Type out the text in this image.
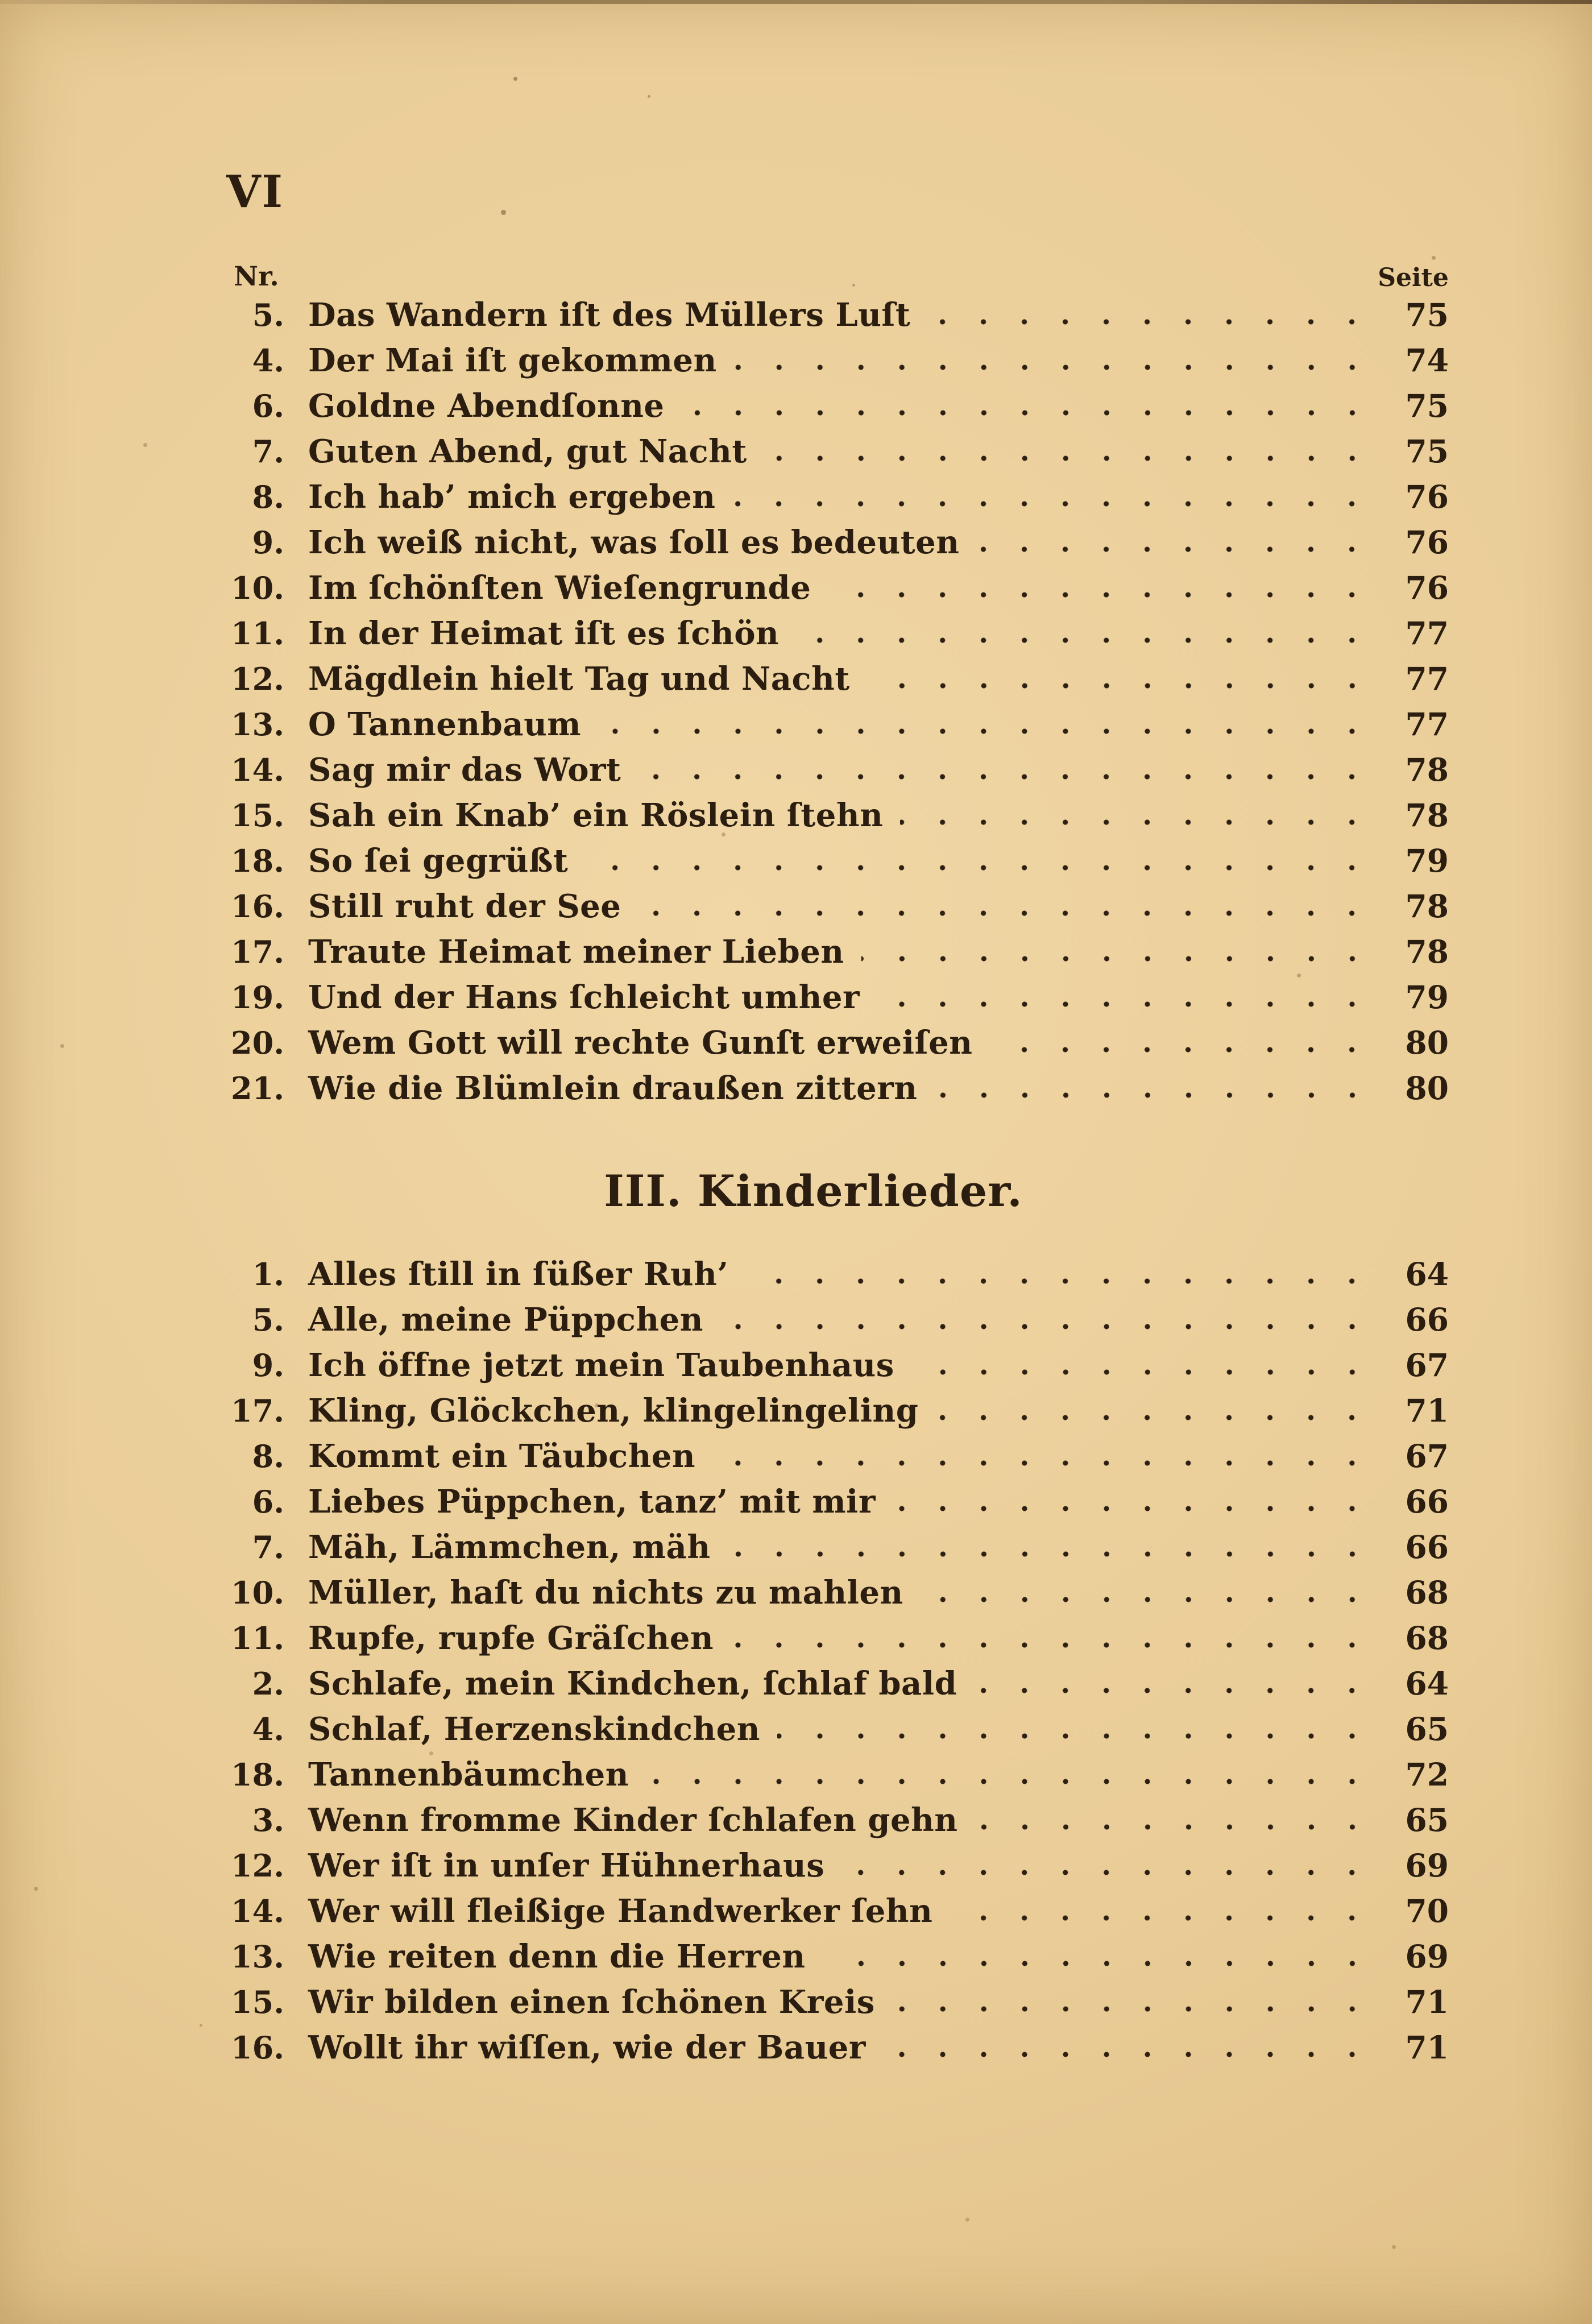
VI
Nr.	Seite
5. Das Wandern iſt des Müllers Luſt	75
4. Der Mai iſt gekommen	74
6. Goldne Abendſonne	75
7. Guten Abend, gut Nacht	75
8. Ich hab’ mich ergeben	76
9. Ich weiß nicht, was ſoll es bedeuten	76
10. Im ſchönſten Wieſengrunde	76
11. In der Heimat iſt es ſchön	77
12. Mägdlein hielt Tag und Nacht	77
13. O Tannenbaum	77
14. Sag mir das Wort	78
15. Sah ein Knab’ ein Röslein ſtehn	78
18. So ſei gegrüßt	79
16. Still ruht der See	78
17. Traute Heimat meiner Lieben	78
19. Und der Hans ſchleicht umher	79
20. Wem Gott will rechte Gunſt erweiſen	80
21. Wie die Blümlein draußen zittern	80
III. Kinderlieder.
1. Alles ſtill in ſüßer Ruh’	64
5. Alle, meine Püppchen	66
9. Ich öffne jetzt mein Taubenhaus	67
17. Kling, Glöckchen, klingelingeling	71
8. Kommt ein Täubchen	67
6. Liebes Püppchen, tanz’ mit mir	66
7. Mäh, Lämmchen, mäh	66
10. Müller, haſt du nichts zu mahlen	68
11. Rupfe, rupfe Gräſchen	68
2. Schlafe, mein Kindchen, ſchlaf bald	64
4. Schlaf, Herzenskindchen	65
18. Tannenbäumchen	72
3. Wenn fromme Kinder ſchlafen gehn	65
12. Wer iſt in unſer Hühnerhaus	69
14. Wer will fleißige Handwerker ſehn	70
13. Wie reiten denn die Herren	69
15. Wir bilden einen ſchönen Kreis	71
16. Wollt ihr wiſſen, wie der Bauer	71
